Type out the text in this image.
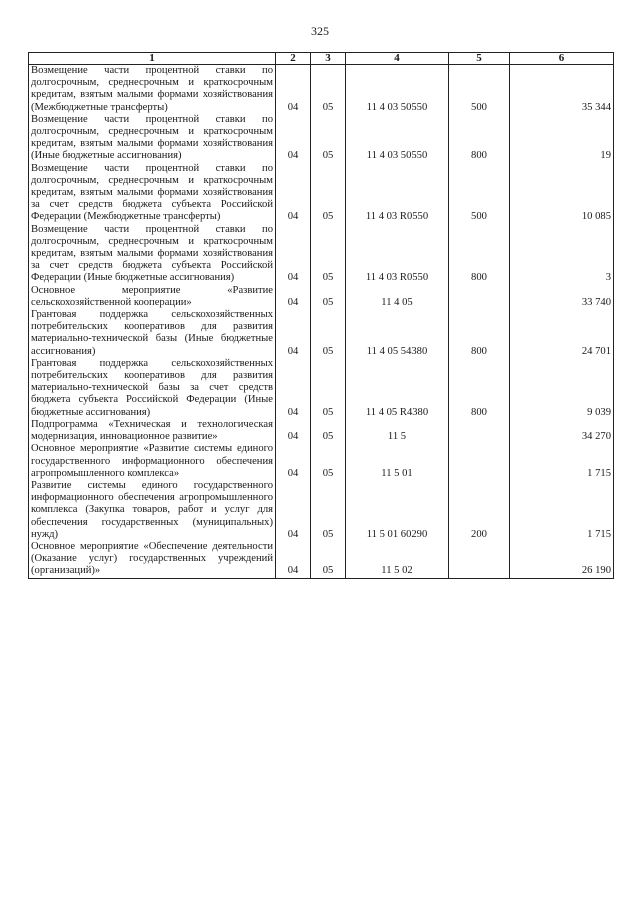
325
1	2	3	4	5	6
Возмещение части процентной ставки по долгосрочным, среднесрочным и краткосрочным кредитам, взятым малыми формами хозяйствования (Межбюджетные трансферты)	04	05	11 4 03 50550	500	35 344
Возмещение части процентной ставки по долгосрочным, среднесрочным и краткосрочным кредитам, взятым малыми формами хозяйствования (Иные бюджетные ассигнования)	04	05	11 4 03 50550	800	19
Возмещение части процентной ставки по долгосрочным, среднесрочным и краткосрочным кредитам, взятым малыми формами хозяйствования за счет средств бюджета субъекта Российской Федерации (Межбюджетные трансферты)	04	05	11 4 03 R0550	500	10 085
Возмещение части процентной ставки по долгосрочным, среднесрочным и краткосрочным кредитам, взятым малыми формами хозяйствования за счет средств бюджета субъекта Российской Федерации (Иные бюджетные ассигнования)	04	05	11 4 03 R0550	800	3
Основное мероприятие «Развитие сельскохозяйственной кооперации»	04	05	11 4 05		33 740
Грантовая поддержка сельскохозяйственных потребительских кооперативов для развития материально-технической базы (Иные бюджетные ассигнования)	04	05	11 4 05 54380	800	24 701
Грантовая поддержка сельскохозяйственных потребительских кооперативов для развития материально-технической базы за счет средств бюджета субъекта Российской Федерации (Иные бюджетные ассигнования)	04	05	11 4 05 R4380	800	9 039
Подпрограмма «Техническая и технологическая модернизация, инновационное развитие»	04	05	11 5		34 270
Основное мероприятие «Развитие системы единого государственного информационного обеспечения агропромышленного комплекса»	04	05	11 5 01		1 715
Развитие системы единого государственного информационного обеспечения агропромышленного комплекса (Закупка товаров, работ и услуг для обеспечения государственных (муниципальных) нужд)	04	05	11 5 01 60290	200	1 715
Основное мероприятие «Обеспечение деятельности (Оказание услуг) государственных учреждений (организаций)»	04	05	11 5 02		26 190
